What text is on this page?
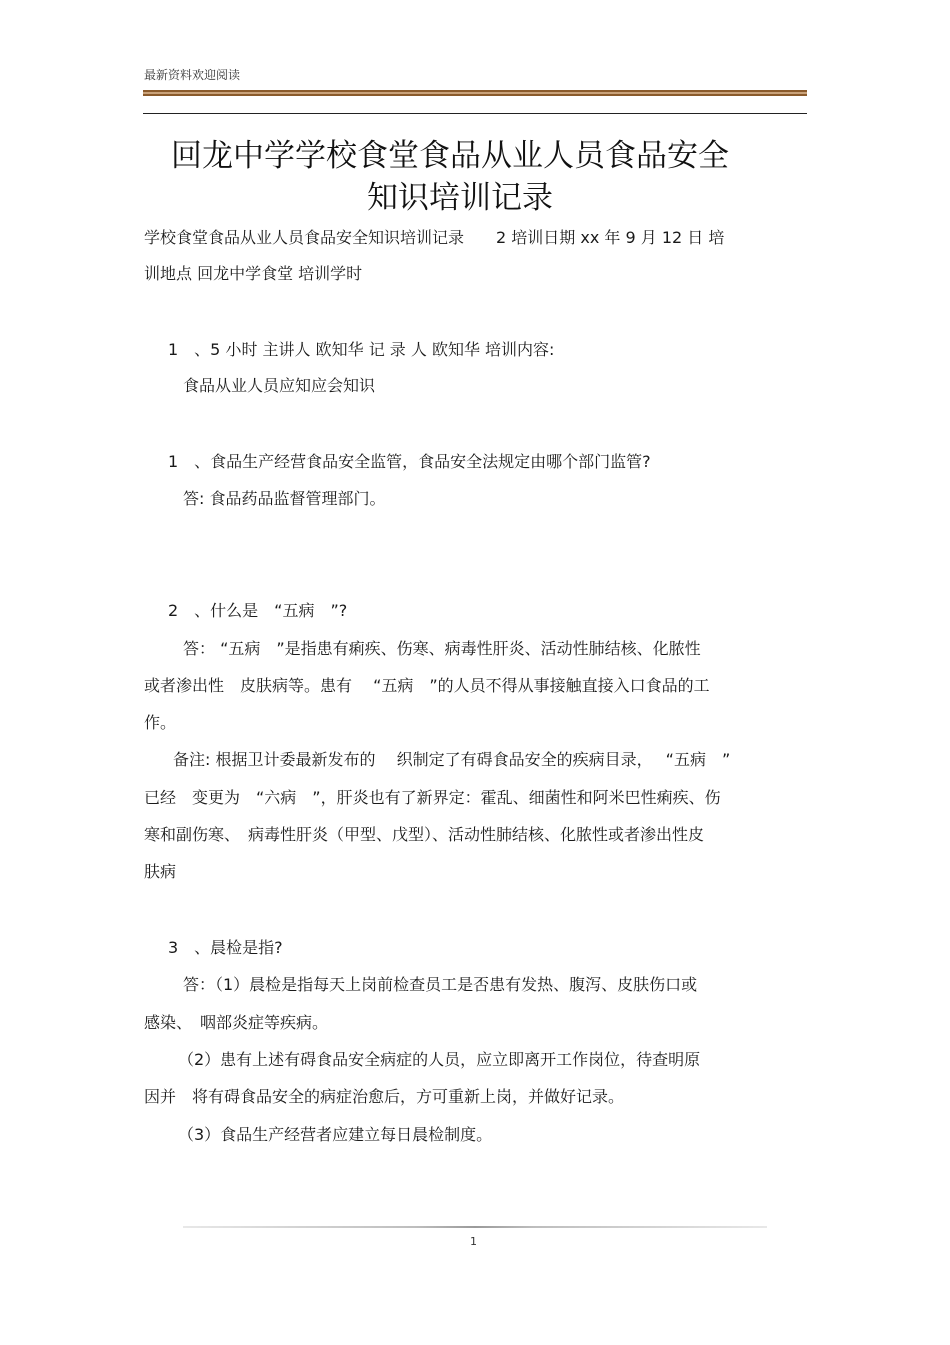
最新资料欢迎阅读
回龙中学学校食堂食品从业人员食品安全
知识培训记录
学校食堂食品从业人员食品安全知识培训记录　　2 培训日期 xx 年 9 月 12 日 培
训地点 回龙中学食堂 培训学时
1　、5 小时 主讲人 欧知华 记 录 人 欧知华 培训内容:
食品从业人员应知应会知识
1　、食品生产经营食品安全监管，食品安全法规定由哪个部门监管?
答: 食品药品监督管理部门。
2　、什么是　“五病　”?
答： “五病　”是指患有痢疾、伤寒、病毒性肝炎、活动性肺结核、化脓性
或者渗出性　皮肤病等。患有　 “五病　”的人员不得从事接触直接入口食品的工
作。
备注: 根据卫计委最新发布的　 织制定了有碍食品安全的疾病目录，　 “五病　”
已经　变更为　“六病　”，肝炎也有了新界定：霍乱、细菌性和阿米巴性痢疾、伤
寒和副伤寒、　病毒性肝炎（甲型、戊型）、活动性肺结核、化脓性或者渗出性皮
肤病
3　、晨检是指?
答：（1）晨检是指每天上岗前检查员工是否患有发热、腹泻、皮肤伤口或
感染、　咽部炎症等疾病。
（2）患有上述有碍食品安全病症的人员，应立即离开工作岗位，待查明原
因并　将有碍食品安全的病症治愈后，方可重新上岗，并做好记录。
（3）食品生产经营者应建立每日晨检制度。
1
